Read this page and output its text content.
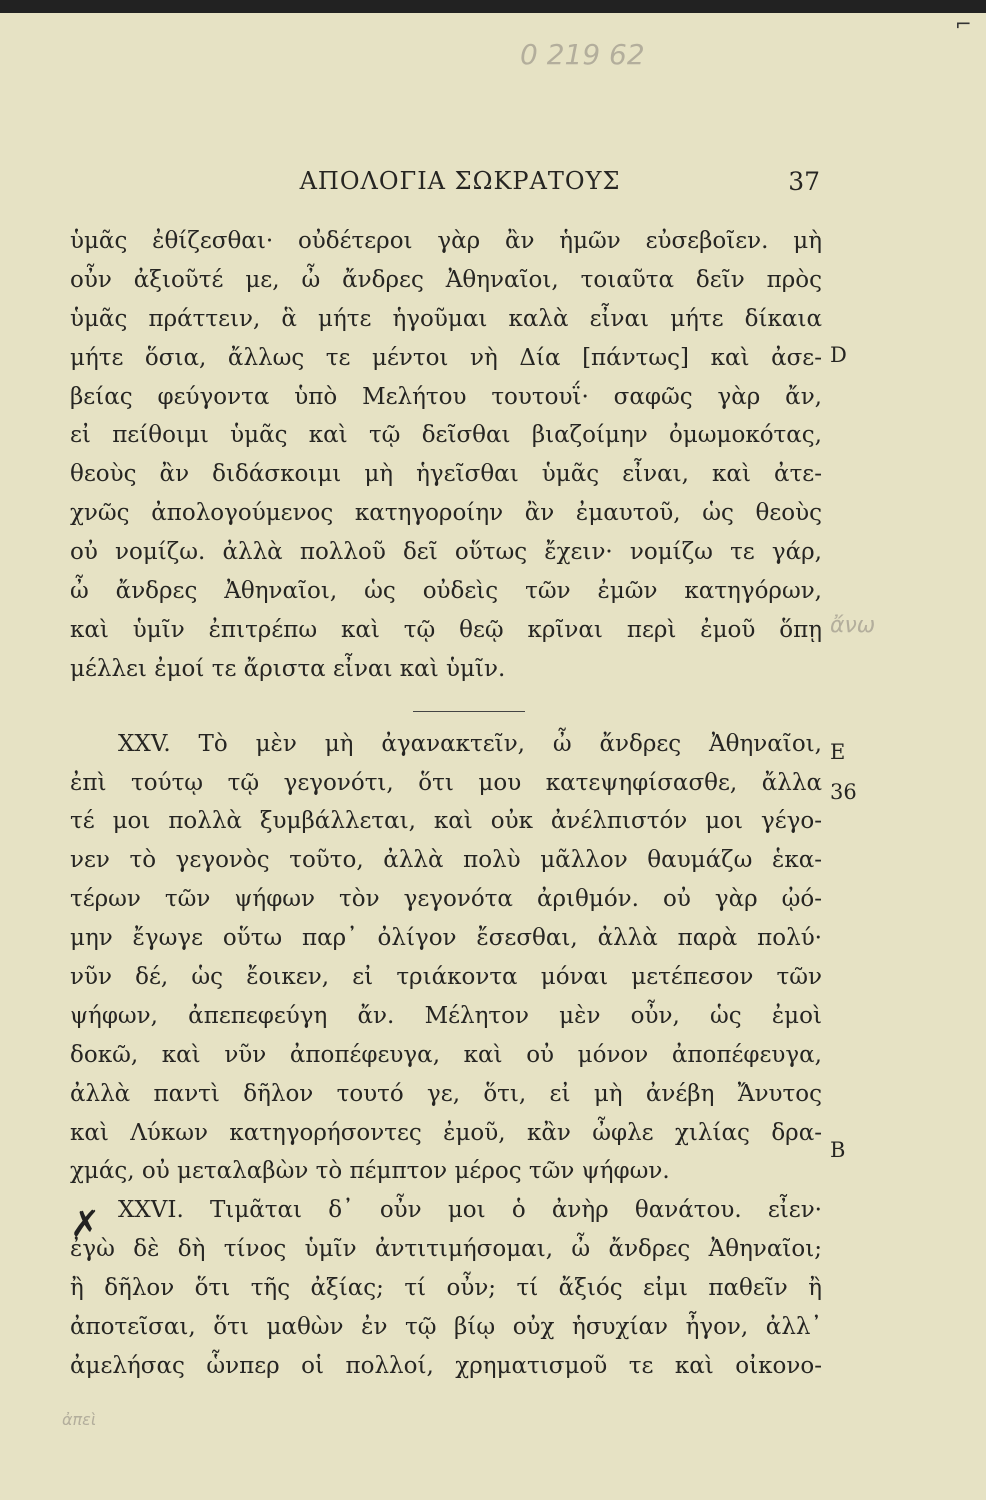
⌐
0 219 62
ἄνω
ἀπεὶ
ΑΠΟΛΟΓΙΑ ΣΩΚΡΑΤΟΥΣ	37
ὑμᾶς ἐθίζεσθαι· οὐδέτεροι γὰρ ἂν ἡμῶν εὐσεβοῖεν. μὴ
οὖν ἀξιοῦτέ με, ὦ ἄνδρες Ἀθηναῖοι, τοιαῦτα δεῖν πρὸς
ὑμᾶς πράττειν, ἃ μήτε ἡγοῦμαι καλὰ εἶναι μήτε δίκαια
μήτε ὅσια, ἄλλως τε μέντοι νὴ Δία [πάντως] καὶ ἀσε-
βείας φεύγοντα ὑπὸ Μελήτου τουτουΐ· σαφῶς γὰρ ἄν,
εἰ πείθοιμι ὑμᾶς καὶ τῷ δεῖσθαι βιαζοίμην ὀμωμοκότας,
θεοὺς ἂν διδάσκοιμι μὴ ἡγεῖσθαι ὑμᾶς εἶναι, καὶ ἀτε-
χνῶς ἀπολογούμενος κατηγοροίην ἂν ἐμαυτοῦ, ὡς θεοὺς
οὐ νομίζω. ἀλλὰ πολλοῦ δεῖ οὕτως ἔχειν· νομίζω τε γάρ,
ὦ ἄνδρες Ἀθηναῖοι, ὡς οὐδεὶς τῶν ἐμῶν κατηγόρων,
καὶ ὑμῖν ἐπιτρέπω καὶ τῷ θεῷ κρῖναι περὶ ἐμοῦ ὅπῃ
μέλλει ἐμοί τε ἄριστα εἶναι καὶ ὑμῖν.
XXV. Τὸ μὲν μὴ ἀγανακτεῖν, ὦ ἄνδρες Ἀθηναῖοι,
ἐπὶ τούτῳ τῷ γεγονότι, ὅτι μου κατεψηφίσασθε, ἄλλα
τέ μοι πολλὰ ξυμβάλλεται, καὶ οὐκ ἀνέλπιστόν μοι γέγο-
νεν τὸ γεγονὸς τοῦτο, ἀλλὰ πολὺ μᾶλλον θαυμάζω ἑκα-
τέρων τῶν ψήφων τὸν γεγονότα ἀριθμόν. οὐ γὰρ ᾠό-
μην ἔγωγε οὕτω παρ᾽ ὀλίγον ἔσεσθαι, ἀλλὰ παρὰ πολύ·
νῦν δέ, ὡς ἔοικεν, εἰ τριάκοντα μόναι μετέπεσον τῶν
ψήφων, ἀπεπεφεύγη ἄν. Μέλητον μὲν οὖν, ὡς ἐμοὶ
δοκῶ, καὶ νῦν ἀποπέφευγα, καὶ οὐ μόνον ἀποπέφευγα,
ἀλλὰ παντὶ δῆλον τουτό γε, ὅτι, εἰ μὴ ἀνέβη Ἄνυτος
καὶ Λύκων κατηγορήσοντες ἐμοῦ, κἂν ὦφλε χιλίας δρα-
χμάς, οὐ μεταλαβὼν τὸ πέμπτον μέρος τῶν ψήφων.
XXVI. Τιμᾶται δ᾽ οὖν μοι ὁ ἀνὴρ θανάτου. εἶεν·
ἐγὼ δὲ δὴ τίνος ὑμῖν ἀντιτιμήσομαι, ὦ ἄνδρες Ἀθηναῖοι;
ἢ δῆλον ὅτι τῆς ἀξίας; τί οὖν; τί ἄξιός εἰμι παθεῖν ἢ
ἀποτεῖσαι, ὅτι μαθὼν ἐν τῷ βίῳ οὐχ ἡσυχίαν ἦγον, ἀλλ᾽
ἀμελήσας ὧνπερ οἱ πολλοί, χρηματισμοῦ τε καὶ οἰκονο-
D
E
36
B
✗
